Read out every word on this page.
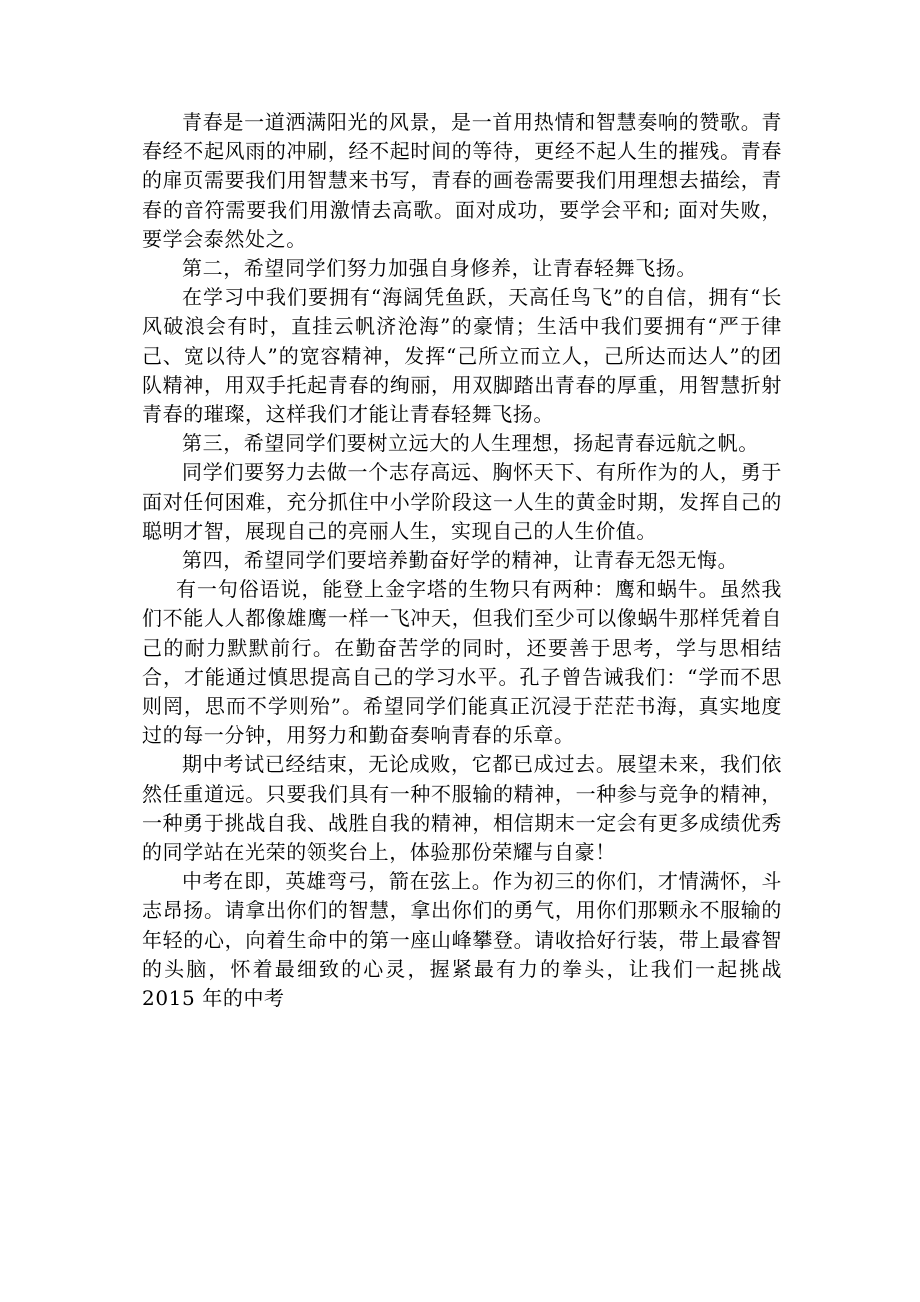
青春是一道洒满阳光的风景，是一首用热情和智慧奏响的赞歌。青春经不起风雨的冲刷，经不起时间的等待，更经不起人生的摧残。青春的扉页需要我们用智慧来书写，青春的画卷需要我们用理想去描绘，青春的音符需要我们用激情去高歌。面对成功，要学会平和; 面对失败，要学会泰然处之。

第二，希望同学们努力加强自身修养，让青春轻舞飞扬。

在学习中我们要拥有“海阔凭鱼跃，天高任鸟飞”的自信，拥有“长风破浪会有时，直挂云帆济沧海”的豪情；生活中我们要拥有“严于律己、宽以待人”的宽容精神，发挥“己所立而立人，己所达而达人”的团队精神，用双手托起青春的绚丽，用双脚踏出青春的厚重，用智慧折射青春的璀璨，这样我们才能让青春轻舞飞扬。

第三，希望同学们要树立远大的人生理想，扬起青春远航之帆。

同学们要努力去做一个志存高远、胸怀天下、有所作为的人，勇于面对任何困难，充分抓住中小学阶段这一人生的黄金时期，发挥自己的聪明才智，展现自己的亮丽人生，实现自己的人生价值。

第四，希望同学们要培养勤奋好学的精神，让青春无怨无悔。

有一句俗语说，能登上金字塔的生物只有两种：鹰和蜗牛。虽然我们不能人人都像雄鹰一样一飞冲天，但我们至少可以像蜗牛那样凭着自己的耐力默默前行。在勤奋苦学的同时，还要善于思考，学与思相结合，才能通过慎思提高自己的学习水平。孔子曾告诫我们：“学而不思则罔，思而不学则殆”。希望同学们能真正沉浸于茫茫书海，真实地度过的每一分钟，用努力和勤奋奏响青春的乐章。

期中考试已经结束，无论成败，它都已成过去。展望未来，我们依然任重道远。只要我们具有一种不服输的精神，一种参与竞争的精神，一种勇于挑战自我、战胜自我的精神，相信期末一定会有更多成绩优秀的同学站在光荣的领奖台上，体验那份荣耀与自豪！

中考在即，英雄弯弓，箭在弦上。作为初三的你们，才情满怀，斗志昂扬。请拿出你们的智慧，拿出你们的勇气，用你们那颗永不服输的年轻的心，向着生命中的第一座山峰攀登。请收拾好行装，带上最睿智的头脑，怀着最细致的心灵，握紧最有力的拳头，让我们一起挑战 2015 年的中考
